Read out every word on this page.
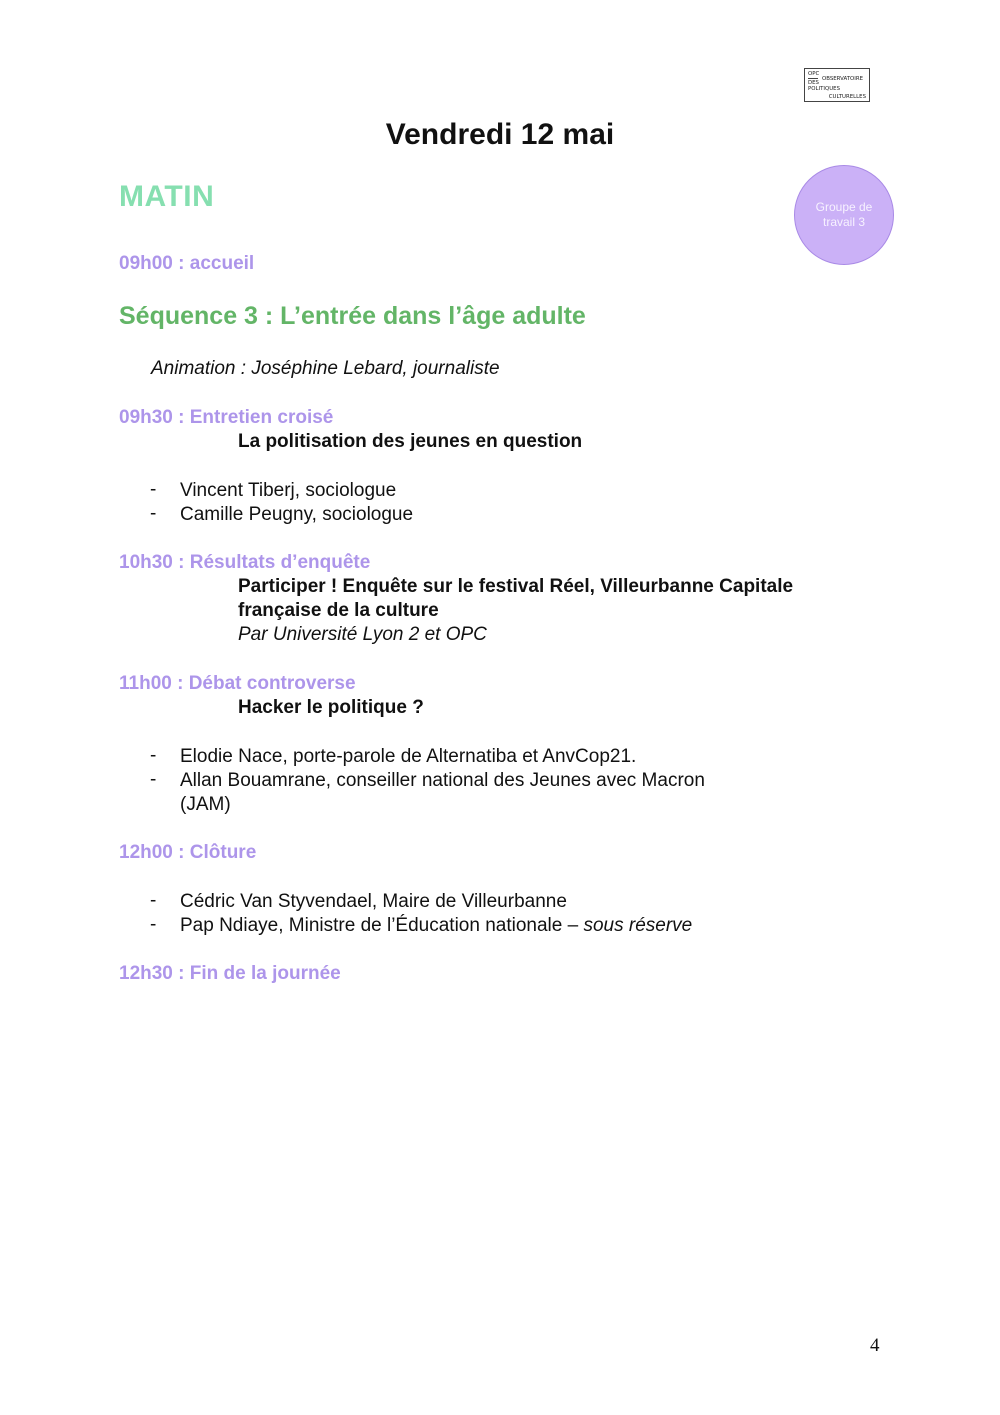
OPC
DES
POLITIQUES
OBSERVATOIRE
CULTURELLES
Vendredi 12 mai
MATIN	Groupe de travail 3
09h00 : accueil
Séquence 3 : L’entrée dans l’âge adulte
Animation : Joséphine Lebard, journaliste
09h30 : Entretien croisé
La politisation des jeunes en question
- Vincent Tiberj, sociologue
- Camille Peugny, sociologue
10h30 : Résultats d’enquête
Participer ! Enquête sur le festival Réel, Villeurbanne Capitale
française de la culture
Par Université Lyon 2 et OPC
11h00 : Débat controverse
Hacker le politique ?
- Elodie Nace, porte-parole de Alternatiba et AnvCop21.
- Allan Bouamrane, conseiller national des Jeunes avec Macron
(JAM)
12h00 : Clôture
- Cédric Van Styvendael, Maire de Villeurbanne
- Pap Ndiaye, Ministre de l’Éducation nationale – sous réserve
12h30 : Fin de la journée
4
